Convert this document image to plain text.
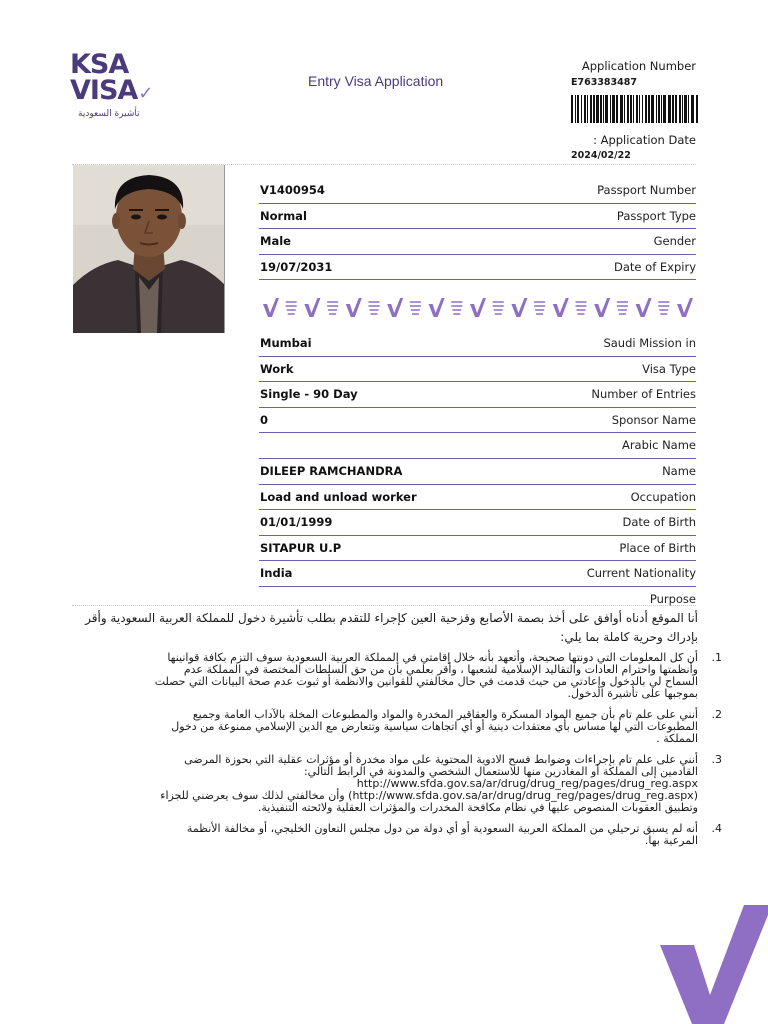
KSA
VISA✓
تأشيرة السعودية
Entry Visa Application
Application Number
E763383487
: Application Date
2024/02/22
V1400954	Passport Number
Normal	Passport Type
Male	Gender
19/07/2031	Date of Expiry
Mumbai	Saudi Mission in
Work	Visa Type
Single - 90 Day	Number of Entries
0	Sponsor Name
Arabic Name
DILEEP RAMCHANDRA	Name
Load and unload worker	Occupation
01/01/1999	Date of Birth
SITAPUR U.P	Place of Birth
India	Current Nationality
Purpose
أنا الموقع أدناه أوافق على أخذ بصمة الأصابع وقزحية العين كإجراء للتقدم بطلب تأشيرة دخول للمملكة العربية السعودية وأقر بإدراك وحرية كاملة بما يلي:
1.
أن كل المعلومات التي دونتها صحيحة، وأتعهد بأنه خلال إقامتي في المملكة العربية السعودية سوف التزم بكافة قوانينها وأنظمتها واحترام العادات والتقاليد الإسلامية لشعبها ، وأقر بعلمي بأن من حق السلطات المختصة في المملكة عدم السماح لي بالدخول وإعادتي من حيث قدمت في حال مخالفتي للقوانين والانظمة أو ثبوت عدم صحة البيانات التي حصلت بموجبها على تأشيرة الدخول.
2.
أنني على علم تام بأن جميع المواد المسكرة والعقاقير المخدرة والمواد والمطبوعات المخلة بالآداب العامة وجميع المطبوعات التي لها مساس بأي معتقدات دينية أو أي اتجاهات سياسية وتتعارض مع الدين الإسلامي ممنوعة من دخول المملكة .
3.
أنني على علم تام بإجراءات وضوابط فسح الادوية المحتوية على مواد مخدرة أو مؤثرات عقلية التي بحوزة المرضى القادمين إلى المملكة أو المغادرين منها للاستعمال الشخصي والمدونة في الرابط التالي: http://www.sfda.gov.sa/ar/drug/drug_reg/pages/drug_reg.aspx (http://www.sfda.gov.sa/ar/drug/drug_reg/pages/drug_reg.aspx) وأن مخالفتي لذلك سوف يعرضني للجزاء وتطبيق العقوبات المنصوص عليها في نظام مكافحة المخدرات والمؤثرات العقلية ولائحته التنفيذية.
4.
أنه لم يسبق ترحيلي من المملكة العربية السعودية أو أي دولة من دول مجلس التعاون الخليجي، أو مخالفة الأنظمة المرعية بها.
